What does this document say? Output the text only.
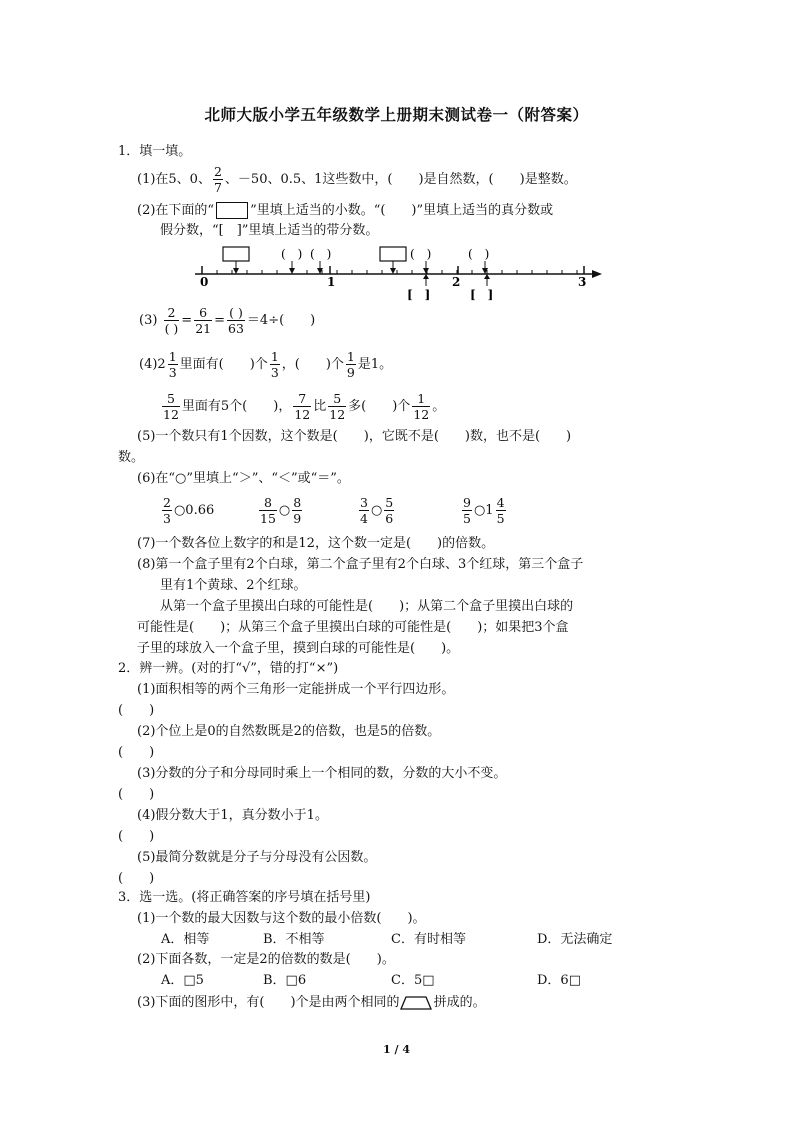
北师大版小学五年级数学上册期末测试卷一（附答案）
1．填一填。
(1)在5、0、 $\frac{2}{7}$ 、－50、0.5、1这些数中，(　　)是自然数，(　　)是整数。
(2)在下面的“	”里填上适当的小数。“(　　)”里填上适当的真分数或
假分数，“[　]”里填上适当的带分数。
0	1	2	3
(　) (　)	(　)	(　)
[　]	[　]
$(3) \frac{2}{( )} = \frac{6}{21} = \frac{( )}{63} =4\div$(　　)
$(4)2 \frac{1}{3}$ 里面有(　　)个 $\frac{1}{3}$ ，(　　)个 $\frac{1}{9}$ 是1。
$\frac{5}{12}$ 里面有5个(　　)， $\frac{7}{12}$ 比 $\frac{5}{12}$ 多(　　)个 $\frac{1}{12}$ 。
(5)一个数只有1个因数，这个数是(　　)，它既不是(　　)数，也不是(　　)
数。
(6)在“○”里填上“＞”、“＜”或“＝”。
$\frac{2}{3}$ ○0.66	$\frac{8}{15}$ ○ $\frac{8}{9}$	$\frac{3}{4}$ ○ $\frac{5}{6}$	$\frac{9}{5}$ ○1 $\frac{4}{5}$
(7)一个数各位上数字的和是12，这个数一定是(　　)的倍数。
(8)第一个盒子里有2个白球，第二个盒子里有2个白球、3个红球，第三个盒子
里有1个黄球、2个红球。
从第一个盒子里摸出白球的可能性是(　　)；从第二个盒子里摸出白球的
可能性是(　　)；从第三个盒子里摸出白球的可能性是(　　)；如果把3个盒
子里的球放入一个盒子里，摸到白球的可能性是(　　)。
2．辨一辨。(对的打“√”，错的打“×”)
(1)面积相等的两个三角形一定能拼成一个平行四边形。
(　　)
(2)个位上是0的自然数既是2的倍数，也是5的倍数。
(　　)
(3)分数的分子和分母同时乘上一个相同的数，分数的大小不变。
(　　)
(4)假分数大于1，真分数小于1。
(　　)
(5)最简分数就是分子与分母没有公因数。
(　　)
3．选一选。(将正确答案的序号填在括号里)
(1)一个数的最大因数与这个数的最小倍数(　　)。
A．相等	B．不相等	C．有时相等	D．无法确定
(2)下面各数，一定是2的倍数的数是(　　)。
A．□5	B．□6	C．5□	D．6□
(3)下面的图形中，有(　　)个是由两个相同的	拼成的。
1 / 4
